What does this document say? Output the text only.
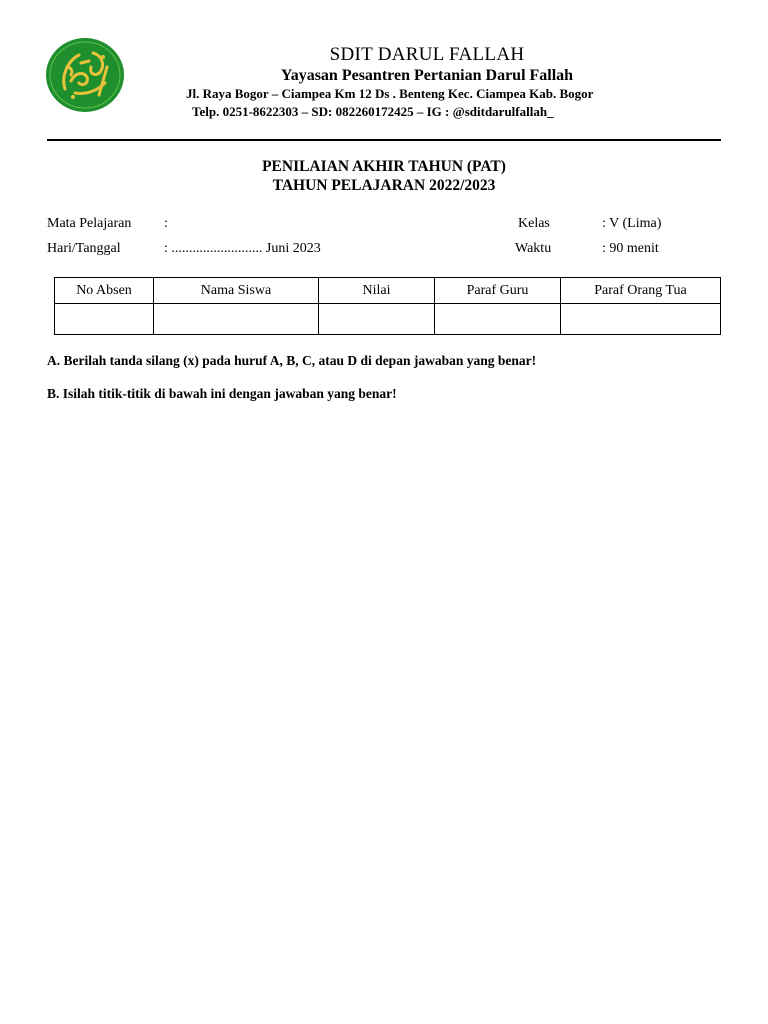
SDIT DARUL FALLAH
Yayasan Pesantren Pertanian Darul Fallah
Jl. Raya Bogor – Ciampea Km 12 Ds . Benteng Kec. Ciampea Kab. Bogor
Telp. 0251-8622303 – SD: 082260172425 – IG : @sditdarulfallah_
PENILAIAN AKHIR TAHUN (PAT)
TAHUN PELAJARAN 2022/2023
Mata Pelajaran :
Hari/Tanggal	: .......................... Juni 2023
Kelas	: V (Lima)
Waktu	: 90 menit
No Absen	Nama Siswa	Nilai	Paraf Guru	Paraf Orang Tua

A. Berilah tanda silang (x) pada huruf A, B, C, atau D di depan jawaban yang benar!
B. Isilah titik-titik di bawah ini dengan jawaban yang benar!
